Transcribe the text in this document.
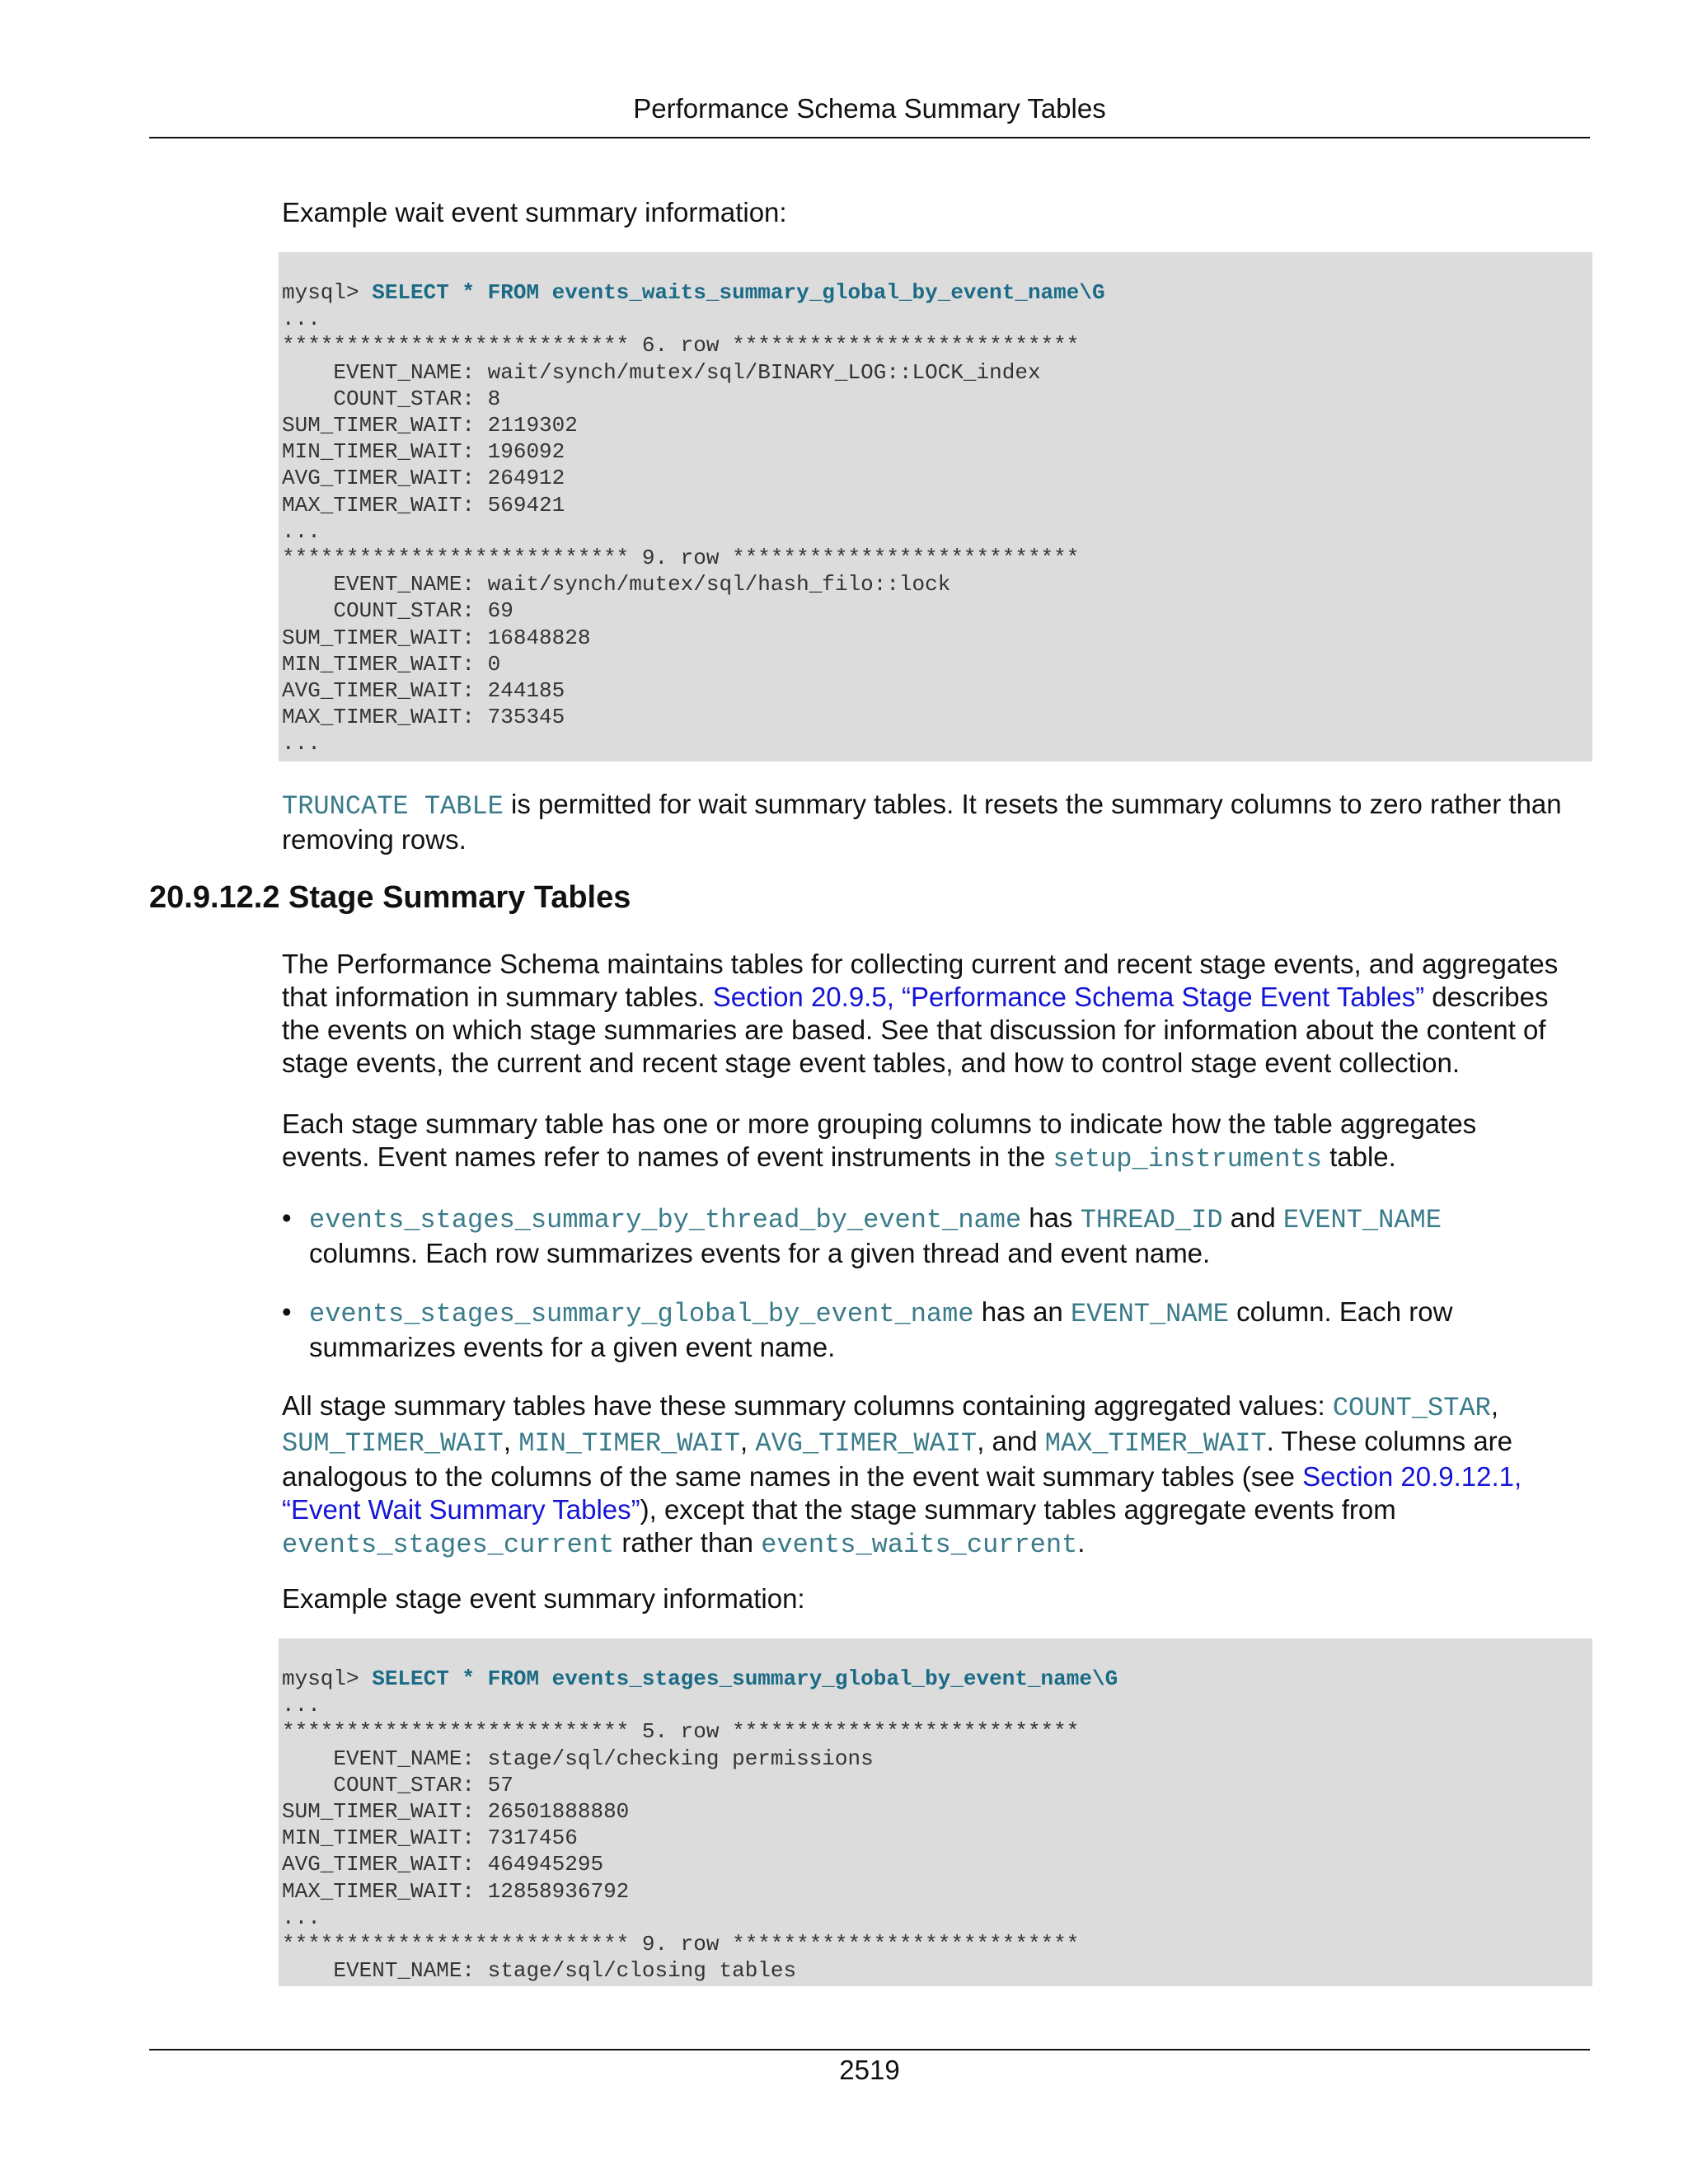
Performance Schema Summary Tables
Example wait event summary information:
mysql> SELECT * FROM events_waits_summary_global_by_event_name\G
...
*************************** 6. row ***************************
EVENT_NAME: wait/synch/mutex/sql/BINARY_LOG::LOCK_index
COUNT_STAR: 8
SUM_TIMER_WAIT: 2119302
MIN_TIMER_WAIT: 196092
AVG_TIMER_WAIT: 264912
MAX_TIMER_WAIT: 569421
...
*************************** 9. row ***************************
EVENT_NAME: wait/synch/mutex/sql/hash_filo::lock
COUNT_STAR: 69
SUM_TIMER_WAIT: 16848828
MIN_TIMER_WAIT: 0
AVG_TIMER_WAIT: 244185
MAX_TIMER_WAIT: 735345
...
TRUNCATE TABLE is permitted for wait summary tables. It resets the summary columns to zero rather than
removing rows.
20.9.12.2 Stage Summary Tables
The Performance Schema maintains tables for collecting current and recent stage events, and aggregates
that information in summary tables. Section 20.9.5, “Performance Schema Stage Event Tables” describes
the events on which stage summaries are based. See that discussion for information about the content of
stage events, the current and recent stage event tables, and how to control stage event collection.
Each stage summary table has one or more grouping columns to indicate how the table aggregates
events. Event names refer to names of event instruments in the setup_instruments table.
• events_stages_summary_by_thread_by_event_name has THREAD_ID and EVENT_NAME
columns. Each row summarizes events for a given thread and event name.
• events_stages_summary_global_by_event_name has an EVENT_NAME column. Each row
summarizes events for a given event name.
All stage summary tables have these summary columns containing aggregated values: COUNT_STAR,
SUM_TIMER_WAIT, MIN_TIMER_WAIT, AVG_TIMER_WAIT, and MAX_TIMER_WAIT. These columns are
analogous to the columns of the same names in the event wait summary tables (see Section 20.9.12.1,
“Event Wait Summary Tables”), except that the stage summary tables aggregate events from
events_stages_current rather than events_waits_current.
Example stage event summary information:
mysql> SELECT * FROM events_stages_summary_global_by_event_name\G
...
*************************** 5. row ***************************
EVENT_NAME: stage/sql/checking permissions
COUNT_STAR: 57
SUM_TIMER_WAIT: 26501888880
MIN_TIMER_WAIT: 7317456
AVG_TIMER_WAIT: 464945295
MAX_TIMER_WAIT: 12858936792
...
*************************** 9. row ***************************
EVENT_NAME: stage/sql/closing tables
2519
